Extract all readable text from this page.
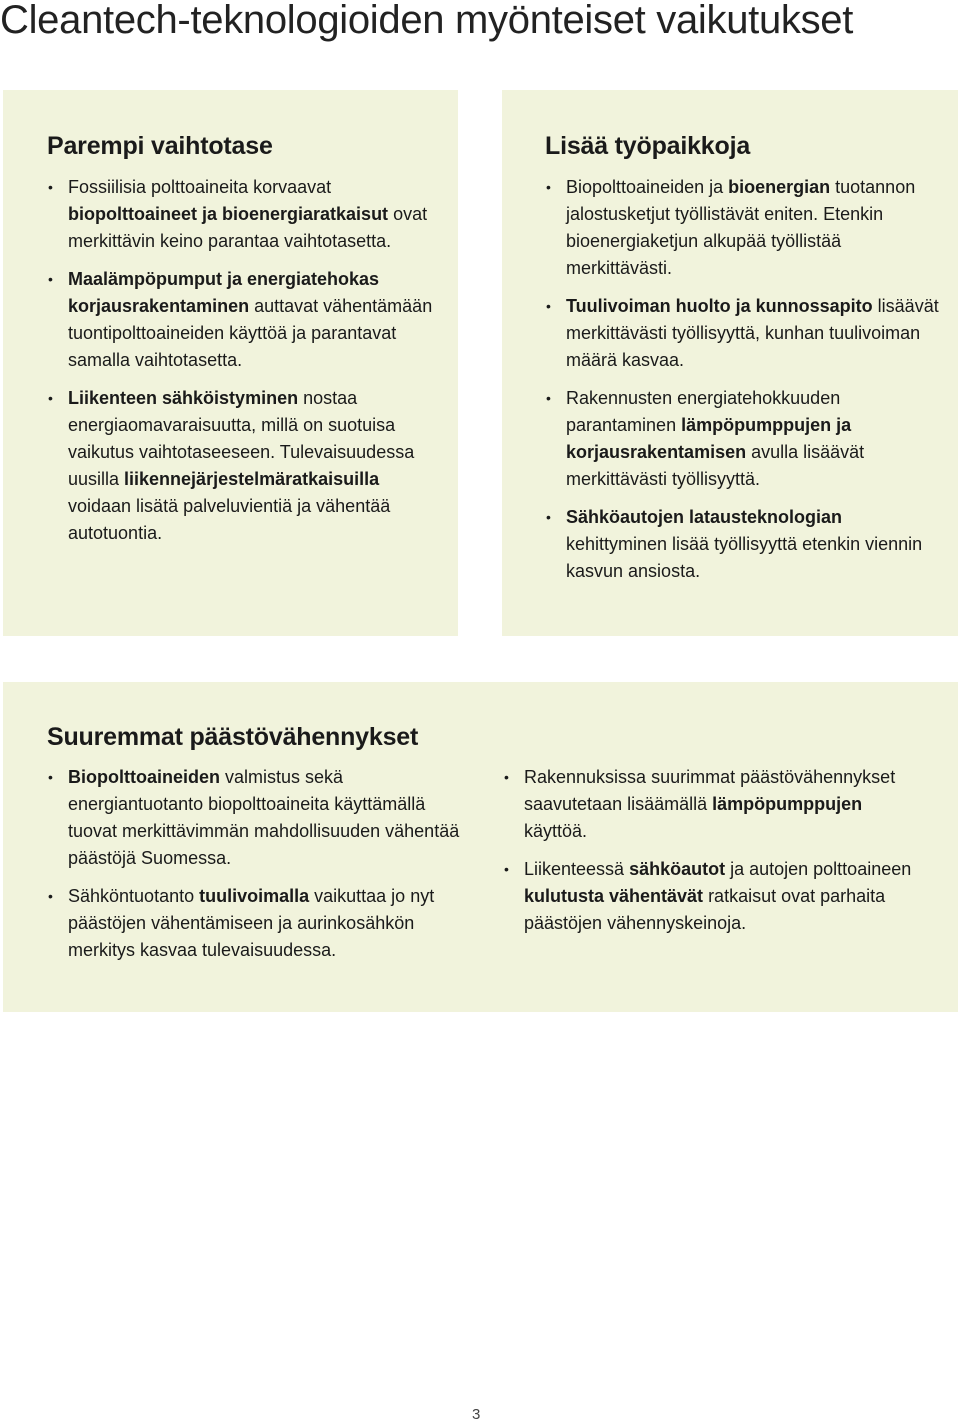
Cleantech-teknologioiden myönteiset vaikutukset
Parempi vaihtotase
• Fossiilisia polttoaineita korvaavat biopolttoaineet ja bioenergiaratkaisut ovat merkittävin keino parantaa vaihtotasetta.
• Maalämpöpumput ja energiatehokas korjausrakentaminen auttavat vähentämään tuontipolttoaineiden käyttöä ja parantavat samalla vaihtotasetta.
• Liikenteen sähköistyminen nostaa energiaomavaraisuutta, millä on suotuisa vaikutus vaihtotaseeseen. Tulevaisuudessa uusilla liikennejärjestelmäratkaisuilla voidaan lisätä palveluvientiä ja vähentää autotuontia.
Lisää työpaikkoja
• Biopolttoaineiden ja bioenergian tuotannon jalostusketjut työllistävät eniten. Etenkin bioenergiaketjun alkupää työllistää merkittävästi.
• Tuulivoiman huolto ja kunnossapito lisäävät merkittävästi työllisyyttä, kunhan tuulivoiman määrä kasvaa.
• Rakennusten energiatehokkuuden parantaminen lämpöpumppujen ja korjausrakentamisen avulla lisäävät merkittävästi työllisyyttä.
• Sähköautojen latausteknologian kehittyminen lisää työllisyyttä etenkin viennin kasvun ansiosta.
Suuremmat päästövähennykset
• Biopolttoaineiden valmistus sekä energiantuotanto biopolttoaineita käyttämällä tuovat merkittävimmän mahdollisuuden vähentää päästöjä Suomessa.
• Sähköntuotanto tuulivoimalla vaikuttaa jo nyt päästöjen vähentämiseen ja aurinkosähkön merkitys kasvaa tulevaisuudessa.
• Rakennuksissa suurimmat päästövähennykset saavutetaan lisäämällä lämpöpumppujen käyttöä.
• Liikenteessä sähköautot ja autojen polttoaineen kulutusta vähentävät ratkaisut ovat parhaita päästöjen vähennyskeinoja.
3
